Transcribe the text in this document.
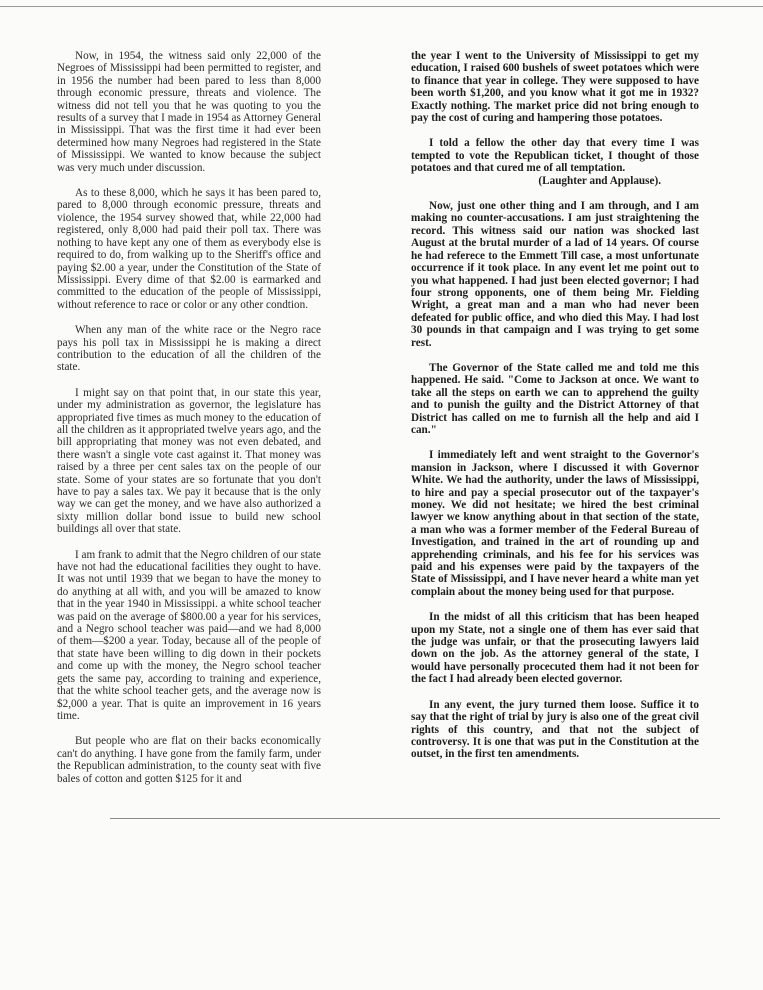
Now, in 1954, the witness said only 22,000 of the Negroes of Mississippi had been permitted to register, and in 1956 the number had been pared to less than 8,000 through economic pressure, threats and violence. The witness did not tell you that he was quoting to you the results of a survey that I made in 1954 as Attorney General in Mississippi. That was the first time it had ever been determined how many Negroes had registered in the State of Mississippi. We wanted to know because the subject was very much under discussion.

As to these 8,000, which he says it has been pared to, pared to 8,000 through economic pressure, threats and violence, the 1954 survey showed that, while 22,000 had registered, only 8,000 had paid their poll tax. There was nothing to have kept any one of them as everybody else is required to do, from walking up to the Sheriff's office and paying $2.00 a year, under the Constitution of the State of Mississippi. Every dime of that $2.00 is earmarked and committed to the education of the people of Mississippi, without reference to race or color or any other condtion.

When any man of the white race or the Negro race pays his poll tax in Mississippi he is making a direct contribution to the education of all the children of the state.

I might say on that point that, in our state this year, under my administration as governor, the legislature has appropriated five times as much money to the education of all the children as it appropriated twelve years ago, and the bill appropriating that money was not even debated, and there wasn't a single vote cast against it. That money was raised by a three per cent sales tax on the people of our state. Some of your states are so fortunate that you don't have to pay a sales tax. We pay it because that is the only way we can get the money, and we have also authorized a sixty million dollar bond issue to build new school buildings all over that state.

I am frank to admit that the Negro children of our state have not had the educational facilities they ought to have. It was not until 1939 that we began to have the money to do anything at all with, and you will be amazed to know that in the year 1940 in Mississippi. a white school teacher was paid on the average of $800.00 a year for his services, and a Negro school teacher was paid—and we had 8,000 of them—$200 a year. Today, because all of the people of that state have been willing to dig down in their pockets and come up with the money, the Negro school teacher gets the same pay, according to training and experience, that the white school teacher gets, and the average now is $2,000 a year. That is quite an improvement in 16 years time.

But people who are flat on their backs economically can't do anything. I have gone from the family farm, under the Republican administration, to the county seat with five bales of cotton and gotten $125 for it and

the year I went to the University of Mississippi to get my education, I raised 600 bushels of sweet potatoes which were to finance that year in college. They were supposed to have been worth $1,200, and you know what it got me in 1932? Exactly nothing. The market price did not bring enough to pay the cost of curing and hampering those potatoes.

I told a fellow the other day that every time I was tempted to vote the Republican ticket, I thought of those potatoes and that cured me of all temptation.
(Laughter and Applause).

Now, just one other thing and I am through, and I am making no counter-accusations. I am just straightening the record. This witness said our nation was shocked last August at the brutal murder of a lad of 14 years. Of course he had referece to the Emmett Till case, a most unfortunate occurrence if it took place. In any event let me point out to you what happened. I had just been elected governor; I had four strong opponents, one of them being Mr. Fielding Wright, a great man and a man who had never been defeated for public office, and who died this May. I had lost 30 pounds in that campaign and I was trying to get some rest.

The Governor of the State called me and told me this happened. He said. "Come to Jackson at once. We want to take all the steps on earth we can to apprehend the guilty and to punish the guilty and the District Attorney of that District has called on me to furnish all the help and aid I can."

I immediately left and went straight to the Governor's mansion in Jackson, where I discussed it with Governor White. We had the authority, under the laws of Mississippi, to hire and pay a special prosecutor out of the taxpayer's money. We did not hesitate; we hired the best criminal lawyer we know anything about in that section of the state, a man who was a former member of the Federal Bureau of Investigation, and trained in the art of rounding up and apprehending criminals, and his fee for his services was paid and his expenses were paid by the taxpayers of the State of Mississippi, and I have never heard a white man yet complain about the money being used for that purpose.

In the midst of all this criticism that has been heaped upon my State, not a single one of them has ever said that the judge was unfair, or that the prosecuting lawyers laid down on the job. As the attorney general of the state, I would have personally procecuted them had it not been for the fact I had already been elected governor.

In any event, the jury turned them loose. Suffice it to say that the right of trial by jury is also one of the great civil rights of this country, and that not the subject of controversy. It is one that was put in the Constitution at the outset, in the first ten amendments.
